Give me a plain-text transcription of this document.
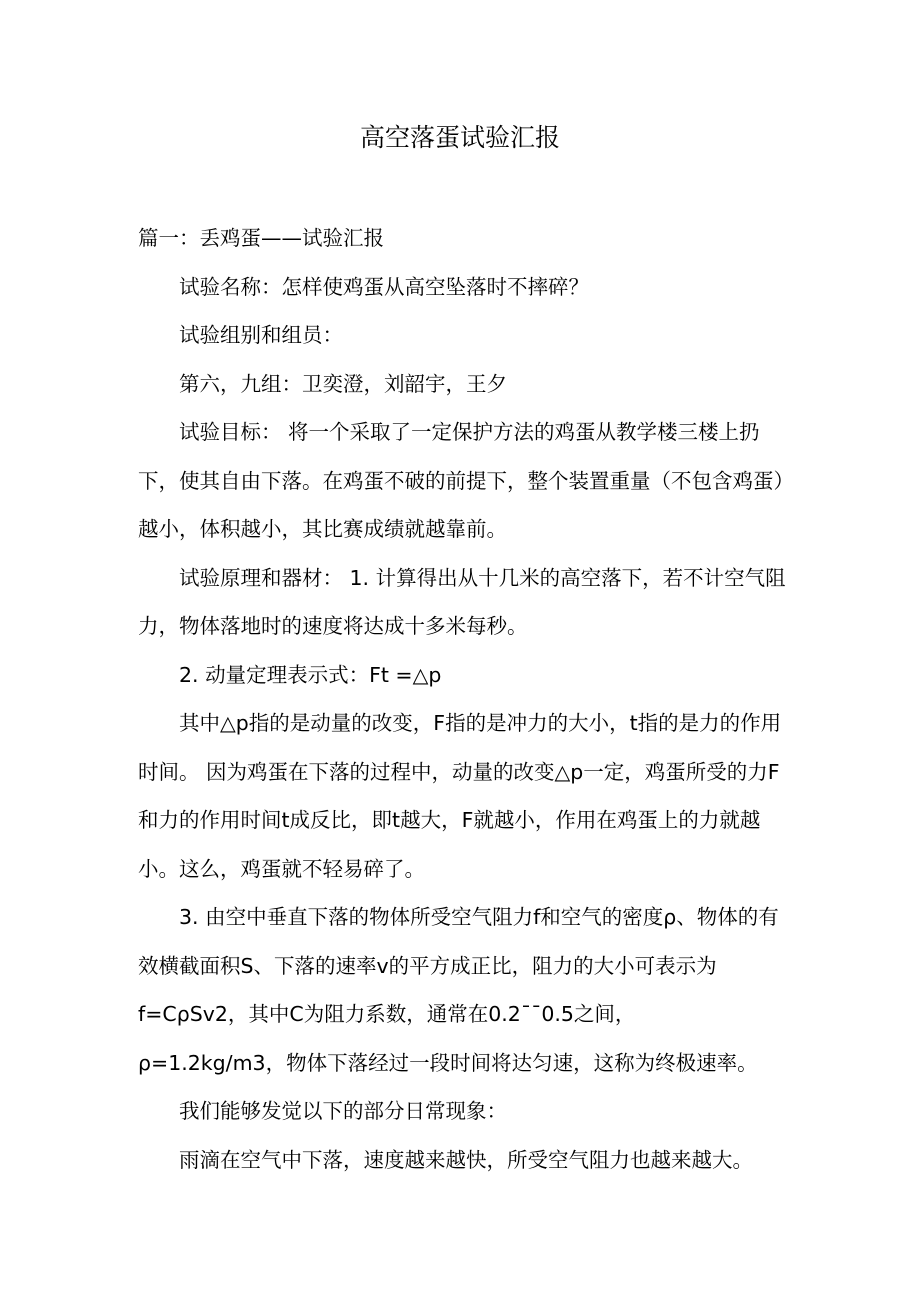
高空落蛋试验汇报

篇一：丢鸡蛋——试验汇报

试验名称：怎样使鸡蛋从高空坠落时不摔碎？

试验组别和组员：

第六，九组：卫奕澄，刘韶宇，王夕

试验目标： 将一个采取了一定保护方法的鸡蛋从教学楼三楼上扔下，使其自由下落。在鸡蛋不破的前提下，整个装置重量（不包含鸡蛋）越小，体积越小，其比赛成绩就越靠前。

试验原理和器材： 1. 计算得出从十几米的高空落下，若不计空气阻力，物体落地时的速度将达成十多米每秒。

2. 动量定理表示式：Ft =△p

其中△p指的是动量的改变，F指的是冲力的大小，t指的是力的作用时间。 因为鸡蛋在下落的过程中，动量的改变△p一定，鸡蛋所受的力F和力的作用时间t成反比，即t越大，F就越小，作用在鸡蛋上的力就越小。这么，鸡蛋就不轻易碎了。

3. 由空中垂直下落的物体所受空气阻力f和空气的密度ρ、物体的有效横截面积S、下落的速率v的平方成正比，阻力的大小可表示为 f=CρSv2，其中C为阻力系数，通常在0.2¯¯0.5之间， ρ=1.2kg/m3，物体下落经过一段时间将达匀速，这称为终极速率。

我们能够发觉以下的部分日常现象：

雨滴在空气中下落，速度越来越快，所受空气阻力也越来越大。
